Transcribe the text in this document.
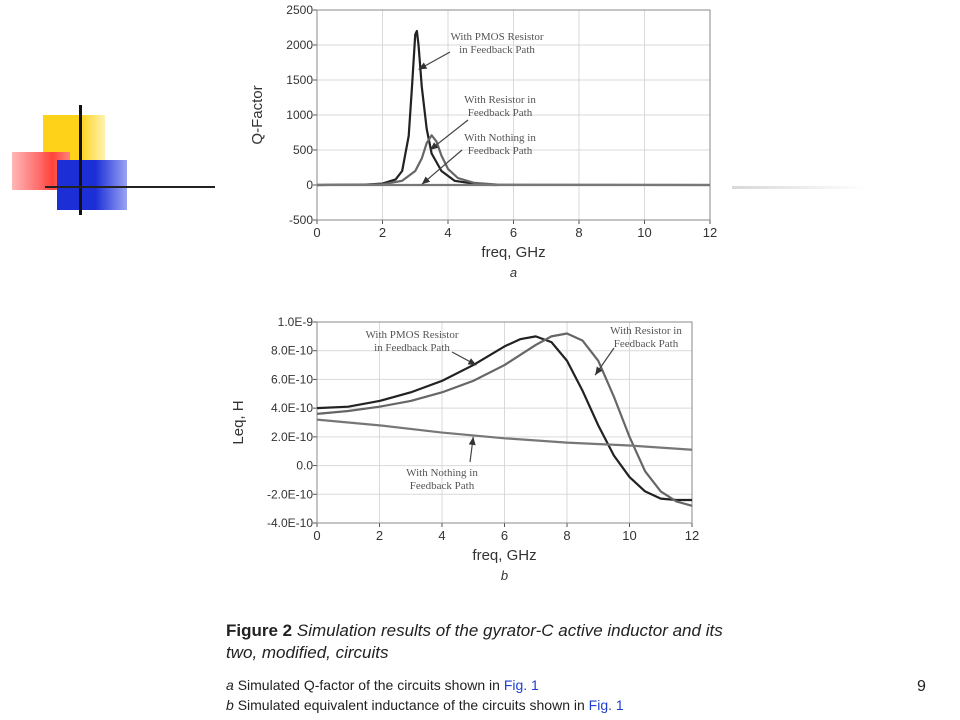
0	2	4	6	8	10	12
2500
2000
1500
1000
500
0
-500
With PMOS Resistor
in Feedback Path
With Resistor in
Feedback Path
With Nothing in
Feedback Path
freq, GHz
Q-Factor
a
0	2	4	6	8	10	12
1.0E-9
8.0E-10
6.0E-10
4.0E-10
2.0E-10
0.0
-2.0E-10
-4.0E-10
With PMOS Resistor
in Feedback Path
With Resistor in
Feedback Path
With Nothing in
Feedback Path
freq, GHz
Leq, H
b
Figure 2 Simulation results of the gyrator-C active inductor and its two, modified, circuits
a Simulated Q-factor of the circuits shown in Fig. 1
b Simulated equivalent inductance of the circuits shown in Fig. 1
9
